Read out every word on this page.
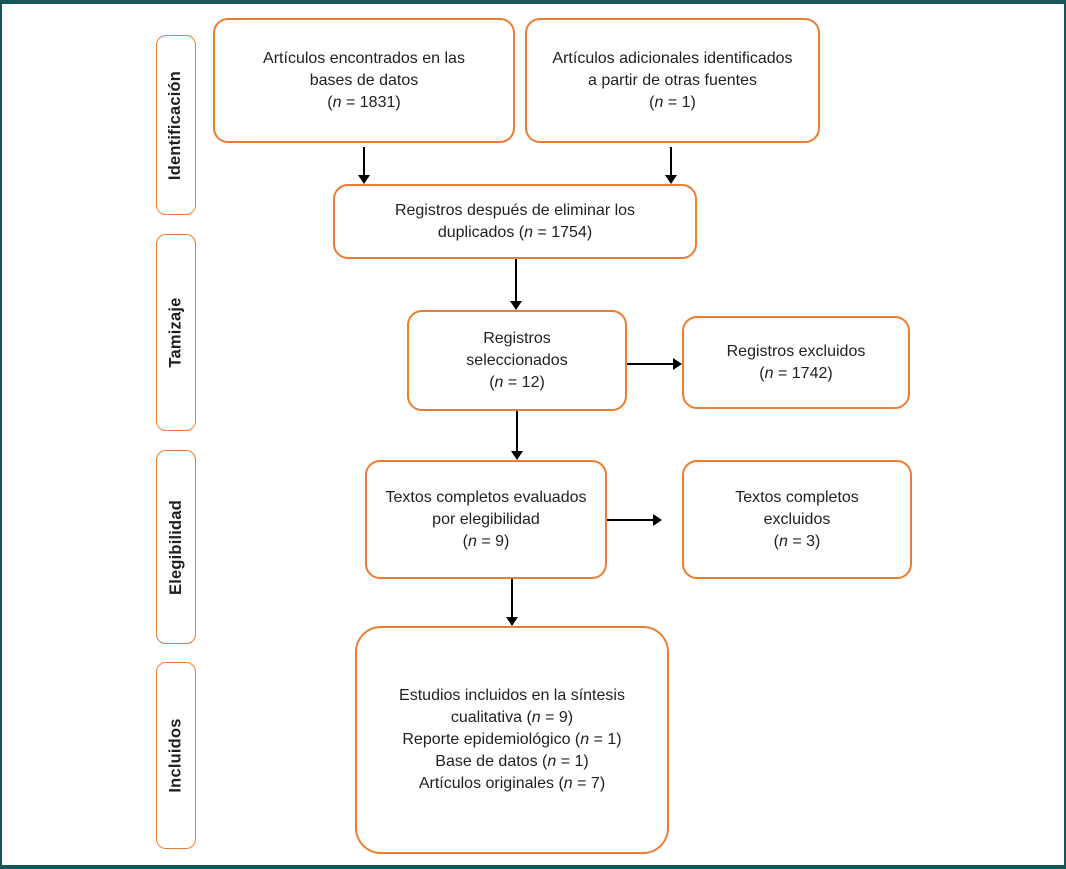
Identificación
Tamizaje
Elegibilidad
Incluidos
Artículos encontrados en las
bases de datos
(n = 1831)
Artículos adicionales identificados
a partir de otras fuentes
(n = 1)
Registros después de eliminar los
duplicados (n = 1754)
Registros
seleccionados
(n = 12)
Registros excluidos
(n = 1742)
Textos completos evaluados
por elegibilidad
(n = 9)
Textos completos
excluidos
(n = 3)
Estudios incluidos en la síntesis
cualitativa (n = 9)
Reporte epidemiológico (n = 1)
Base de datos (n = 1)
Artículos originales (n = 7)
